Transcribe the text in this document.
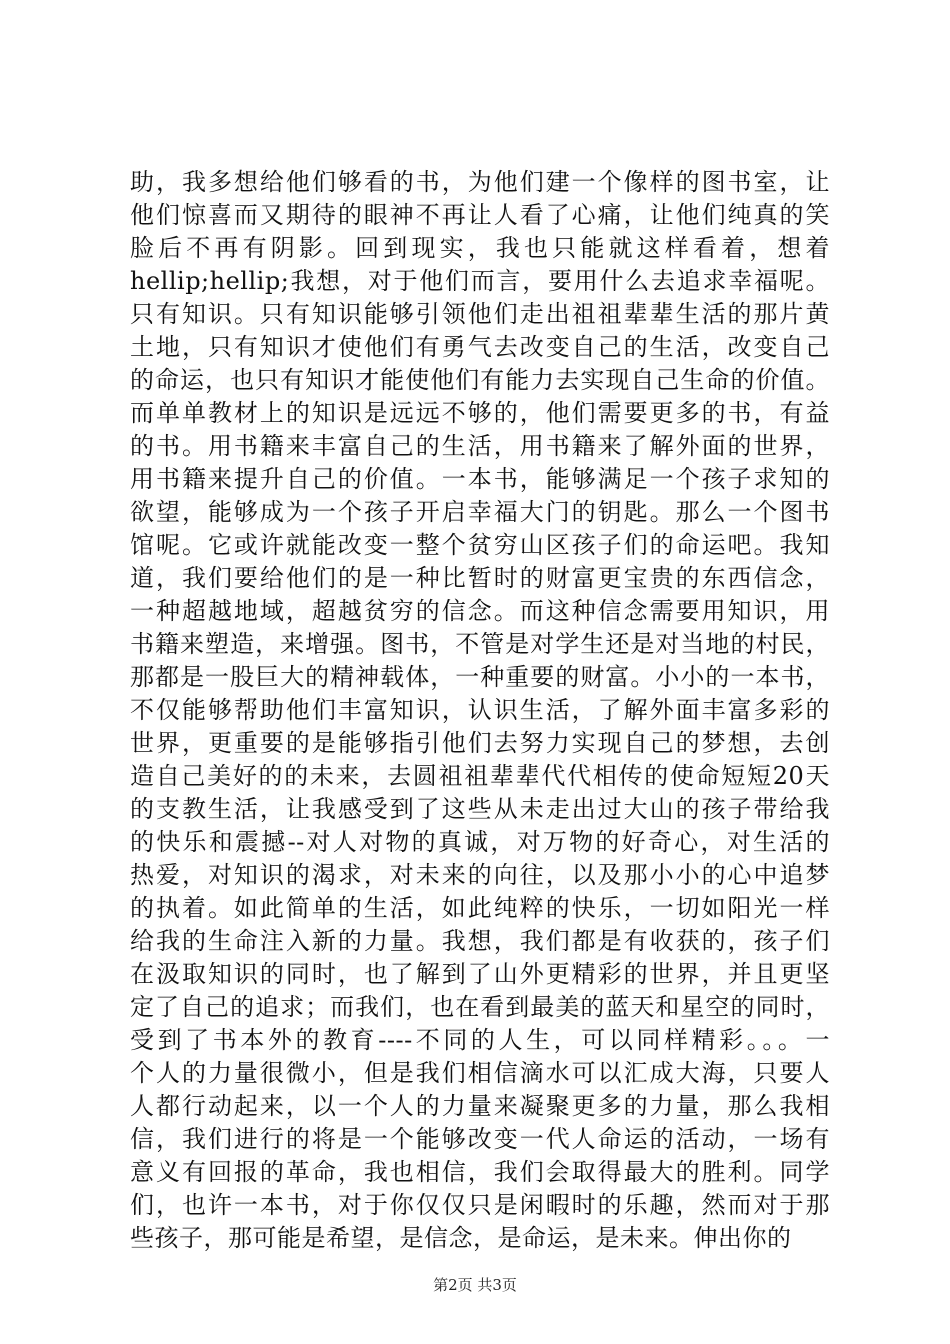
助，我多想给他们够看的书，为他们建一个像样的图书室，让
他们惊喜而又期待的眼神不再让人看了心痛，让他们纯真的笑
脸后不再有阴影。回到现实，我也只能就这样看着，想着
hellip;hellip;我想，对于他们而言，要用什么去追求幸福呢。
只有知识。只有知识能够引领他们走出祖祖辈辈生活的那片黄
土地，只有知识才使他们有勇气去改变自己的生活，改变自己
的命运，也只有知识才能使他们有能力去实现自己生命的价值。
而单单教材上的知识是远远不够的，他们需要更多的书，有益
的书。用书籍来丰富自己的生活，用书籍来了解外面的世界，
用书籍来提升自己的价值。一本书，能够满足一个孩子求知的
欲望，能够成为一个孩子开启幸福大门的钥匙。那么一个图书
馆呢。它或许就能改变一整个贫穷山区孩子们的命运吧。我知
道，我们要给他们的是一种比暂时的财富更宝贵的东西信念，
一种超越地域，超越贫穷的信念。而这种信念需要用知识，用
书籍来塑造，来增强。图书，不管是对学生还是对当地的村民，
那都是一股巨大的精神载体，一种重要的财富。小小的一本书，
不仅能够帮助他们丰富知识，认识生活，了解外面丰富多彩的
世界，更重要的是能够指引他们去努力实现自己的梦想，去创
造自己美好的的未来，去圆祖祖辈辈代代相传的使命短短20天
的支教生活，让我感受到了这些从未走出过大山的孩子带给我
的快乐和震撼--对人对物的真诚，对万物的好奇心，对生活的
热爱，对知识的渴求，对未来的向往，以及那小小的心中追梦
的执着。如此简单的生活，如此纯粹的快乐，一切如阳光一样
给我的生命注入新的力量。我想，我们都是有收获的，孩子们
在汲取知识的同时，也了解到了山外更精彩的世界，并且更坚
定了自己的追求；而我们，也在看到最美的蓝天和星空的同时，
受到了书本外的教育----不同的人生，可以同样精彩。。。一
个人的力量很微小，但是我们相信滴水可以汇成大海，只要人
人都行动起来，以一个人的力量来凝聚更多的力量，那么我相
信，我们进行的将是一个能够改变一代人命运的活动，一场有
意义有回报的革命，我也相信，我们会取得最大的胜利。同学
们，也许一本书，对于你仅仅只是闲暇时的乐趣，然而对于那
些孩子，那可能是希望，是信念，是命运，是未来。伸出你的
第2页 共3页
